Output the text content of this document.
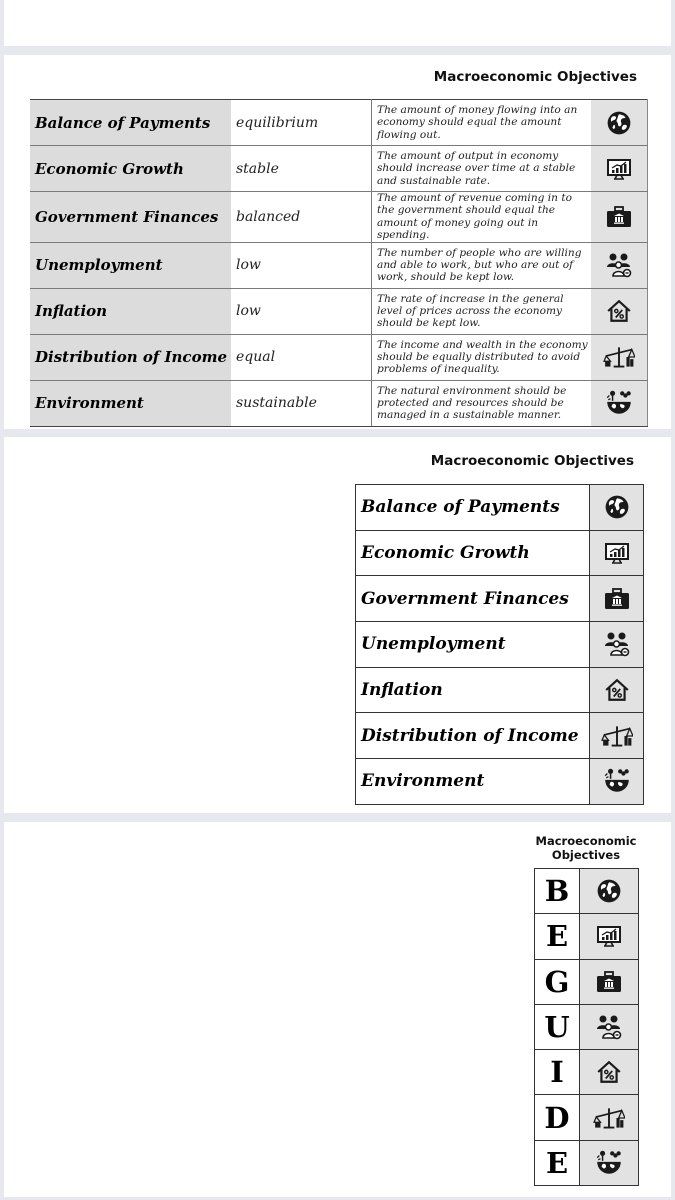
Macroeconomic Objectives
Balance of Payments	equilibrium	The amount of money flowing into an economy should equal the amount flowing out.	
Economic Growth	stable	The amount of output in economy should increase over time at a stable and sustainable rate.	
Government Finances	balanced	The amount of revenue coming in to the government should equal the amount of money going out in spending.	
Unemployment	low	The number of people who are willing and able to work, but who are out of work, should be kept low.	
Inflation	low	The rate of increase in the general level of prices across the economy should be kept low.	
Distribution of Income	equal	The income and wealth in the economy should be equally distributed to avoid problems of inequality.	
Environment	sustainable	The natural environment should be protected and resources should be managed in a sustainable manner.	
Macroeconomic Objectives
Balance of Payments	
Economic Growth	
Government Finances	
Unemployment	
Inflation	
Distribution of Income	
Environment	
Macroeconomic
Objectives
B	
E	
G	
U	
I	
D	
E	
